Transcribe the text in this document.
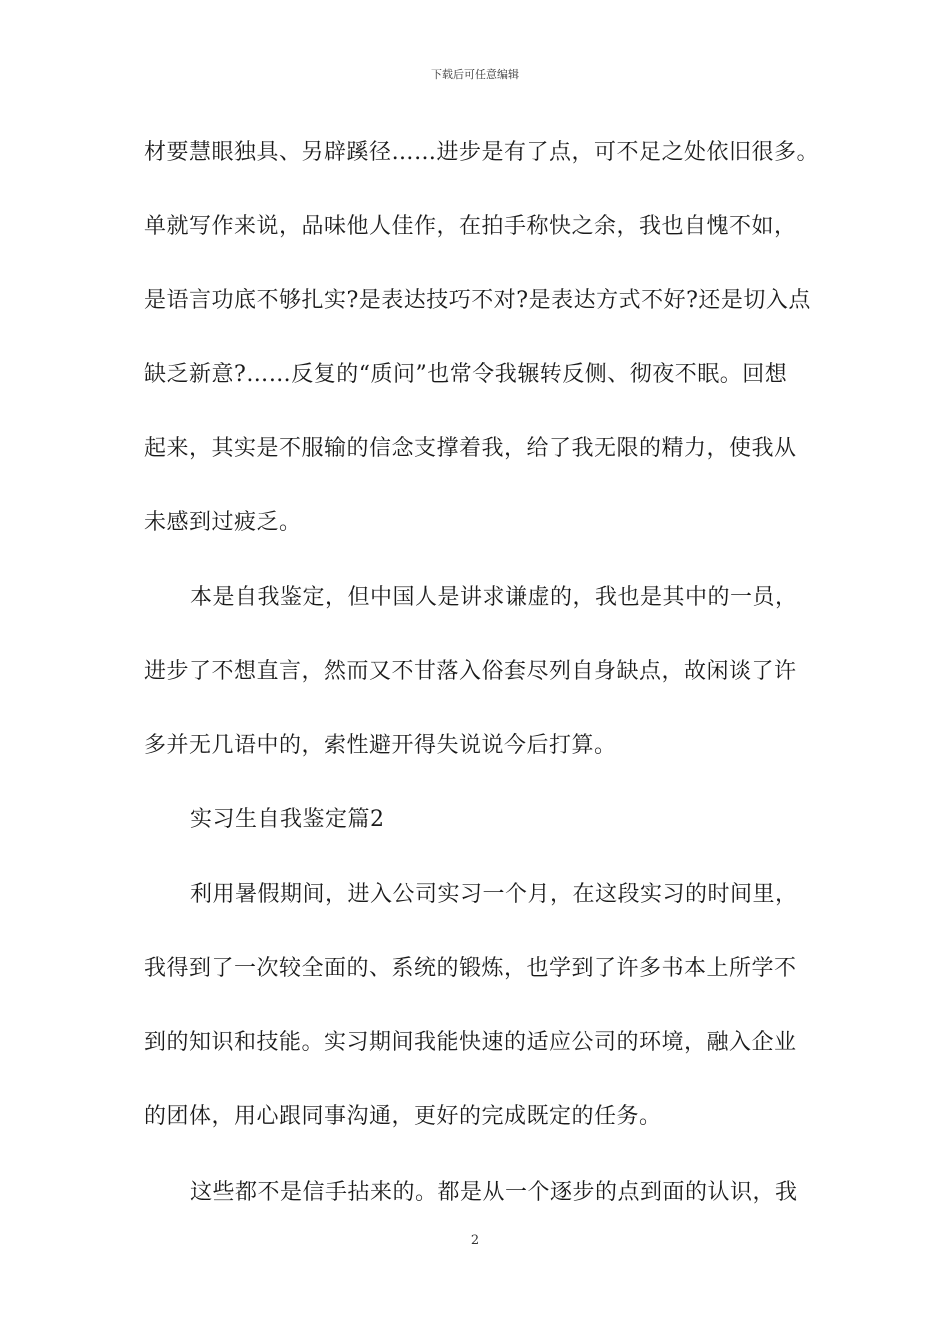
下载后可任意编辑
材要慧眼独具、另辟蹊径……进步是有了点，可不足之处依旧很多。
单就写作来说，品味他人佳作，在拍手称快之余，我也自愧不如，
是语言功底不够扎实?是表达技巧不对?是表达方式不好?还是切入点
缺乏新意?……反复的“质问”也常令我辗转反侧、彻夜不眠。回想
起来，其实是不服输的信念支撑着我，给了我无限的精力，使我从
未感到过疲乏。
本是自我鉴定，但中国人是讲求谦虚的，我也是其中的一员，
进步了不想直言，然而又不甘落入俗套尽列自身缺点，故闲谈了许
多并无几语中的，索性避开得失说说今后打算。
实习生自我鉴定篇2
利用暑假期间，进入公司实习一个月，在这段实习的时间里，
我得到了一次较全面的、系统的锻炼，也学到了许多书本上所学不
到的知识和技能。实习期间我能快速的适应公司的环境，融入企业
的团体，用心跟同事沟通，更好的完成既定的任务。
这些都不是信手拈来的。都是从一个逐步的点到面的认识，我
2
